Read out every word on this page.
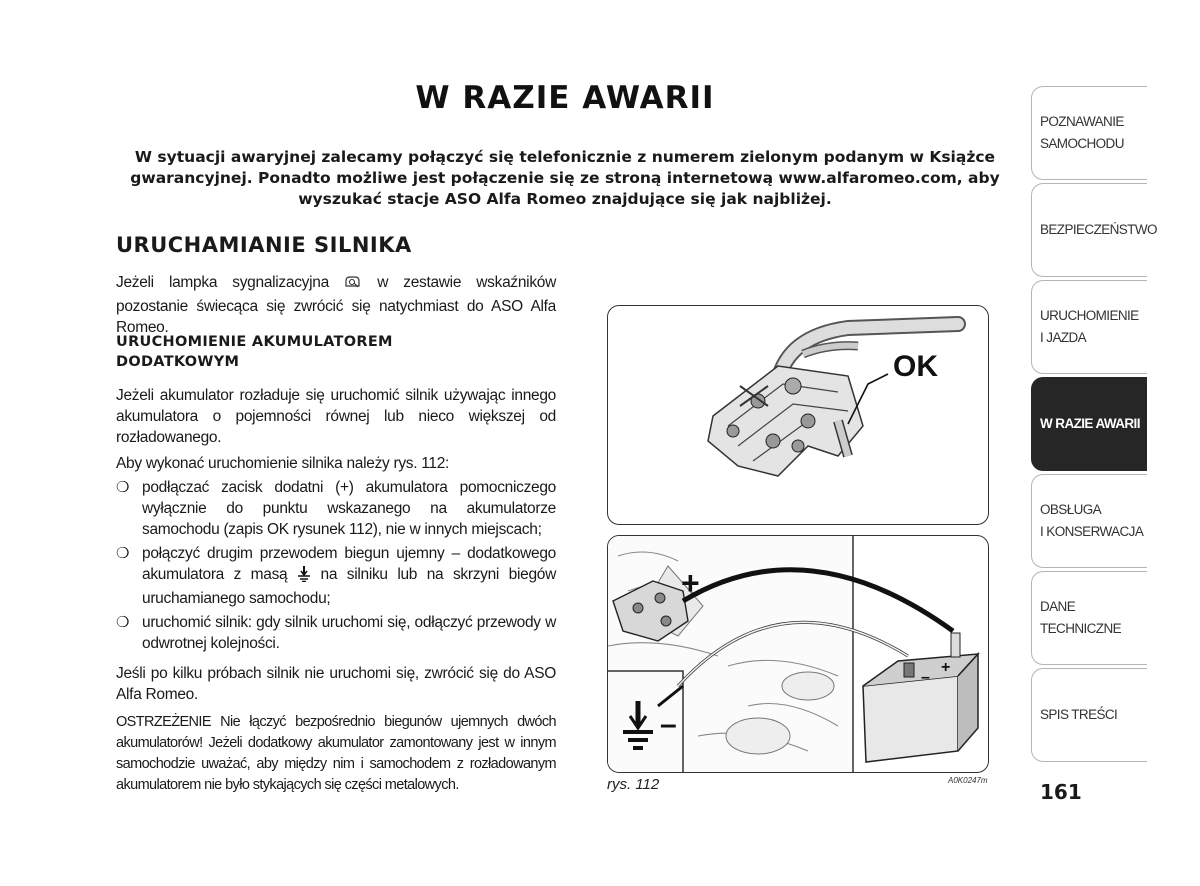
W RAZIE AWARII
W sytuacji awaryjnej zalecamy połączyć się telefonicznie z numerem zielonym podanym w Książce gwarancyjnej. Ponadto możliwe jest połączenie się ze stroną internetową www.alfaromeo.com, aby wyszukać stacje ASO Alfa Romeo znajdujące się jak najbliżej.
URUCHAMIANIE SILNIKA
Jeżeli lampka sygnalizacyjna	w zestawie wskaźników pozostanie świecąca się zwrócić się natychmiast do ASO Alfa Romeo.
URUCHOMIENIE AKUMULATOREM DODATKOWYM
Jeżeli akumulator rozładuje się uruchomić silnik używając innego akumulatora o pojemności równej lub nieco większej od rozładowanego.
Aby wykonać uruchomienie silnika należy rys. 112:
❍ podłączać zacisk dodatni (+) akumulatora pomocniczego wyłącznie do punktu wskazanego na akumulatorze samochodu (zapis OK rysunek 112), nie w innych miejscach;
❍ połączyć drugim przewodem biegun ujemny – dodatkowego akumulatora z masą na silniku lub na skrzyni biegów uruchamianego samochodu;
❍ uruchomić silnik: gdy silnik uruchomi się, odłączyć przewody w odwrotnej kolejności.
Jeśli po kilku próbach silnik nie uruchomi się, zwrócić się do ASO Alfa Romeo.
OSTRZEŻENIE Nie łączyć bezpośrednio biegunów ujemnych dwóch akumulatorów! Jeżeli dodatkowy akumulator zamontowany jest w innym samochodzie uważać, aby między nim i samochodem z rozładowanym akumulatorem nie było stykających się części metalowych.
OK
–
+
+
–
rys. 112	A0K0247m
POZNAWANIE
SAMOCHODU
BEZPIECZEŃSTWO
URUCHOMIENIE
I JAZDA
W RAZIE AWARII
OBSŁUGA
I KONSERWACJA
DANE
TECHNICZNE
SPIS TREŚCI
161
